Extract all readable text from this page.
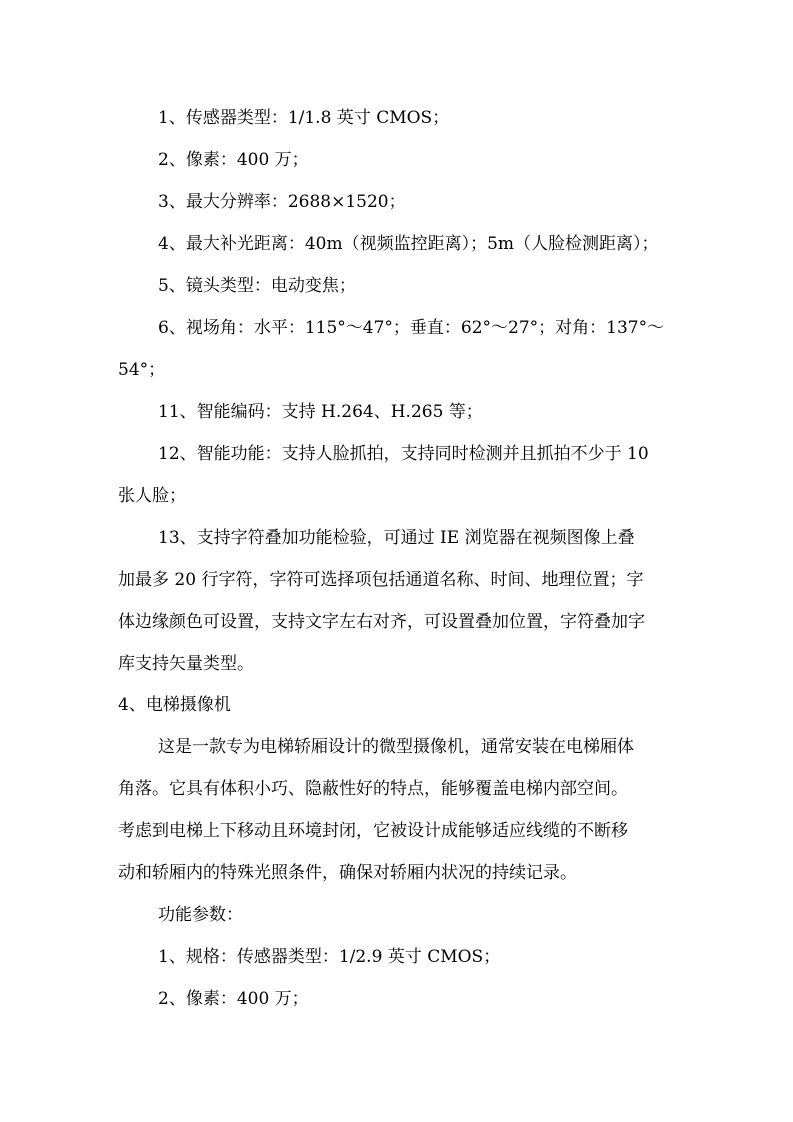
1、传感器类型：1/1.8 英寸 CMOS；
2、像素：400 万；
3、最大分辨率：2688×1520；
4、最大补光距离：40m（视频监控距离）；5m（人脸检测距离）；
5、镜头类型：电动变焦；
6、视场角：水平：115°～47°；垂直：62°～27°；对角：137°～
54°；
11、智能编码：支持 H.264、H.265 等；
12、智能功能：支持人脸抓拍，支持同时检测并且抓拍不少于 10
张人脸；
13、支持字符叠加功能检验，可通过 IE 浏览器在视频图像上叠
加最多 20 行字符，字符可选择项包括通道名称、时间、地理位置；字
体边缘颜色可设置，支持文字左右对齐，可设置叠加位置，字符叠加字
库支持矢量类型。
4、电梯摄像机
这是一款专为电梯轿厢设计的微型摄像机，通常安装在电梯厢体
角落。它具有体积小巧、隐蔽性好的特点，能够覆盖电梯内部空间。
考虑到电梯上下移动且环境封闭，它被设计成能够适应线缆的不断移
动和轿厢内的特殊光照条件，确保对轿厢内状况的持续记录。
功能参数：
1、规格：传感器类型：1/2.9 英寸 CMOS；
2、像素：400 万；
